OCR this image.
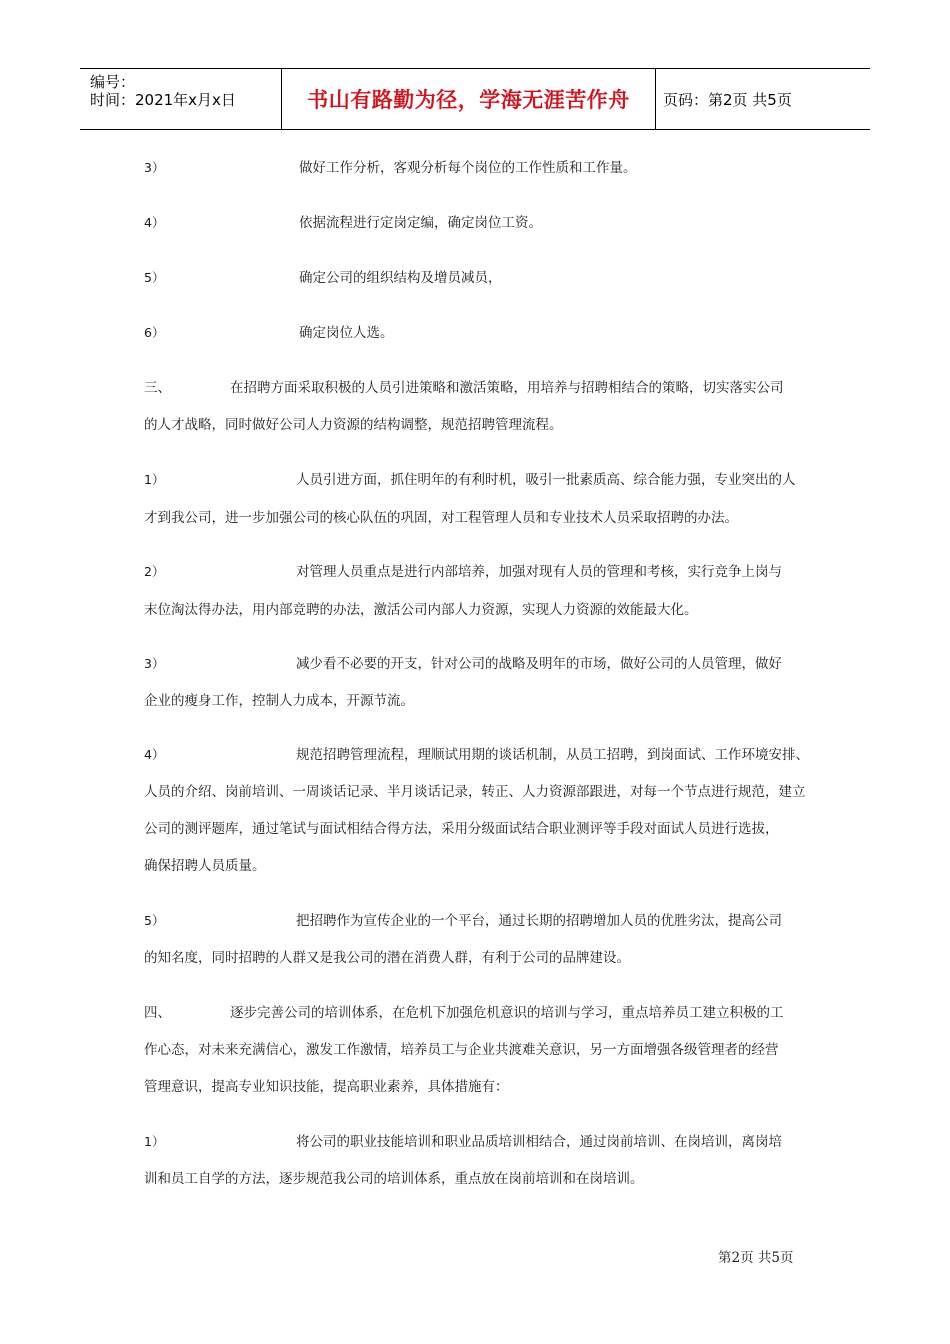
编号：
时间：2021年x月x日	书山有路勤为径，学海无涯苦作舟 页码：第2页 共5页
3）	做好工作分析，客观分析每个岗位的工作性质和工作量。
4）	依据流程进行定岗定编，确定岗位工资。
5）	确定公司的组织结构及增员减员，
6）	确定岗位人选。
三、	在招聘方面采取积极的人员引进策略和激活策略，用培养与招聘相结合的策略，切实落实公司
的人才战略，同时做好公司人力资源的结构调整，规范招聘管理流程。
1）	人员引进方面，抓住明年的有利时机，吸引一批素质高、综合能力强，专业突出的人
才到我公司，进一步加强公司的核心队伍的巩固，对工程管理人员和专业技术人员采取招聘的办法。
2）	对管理人员重点是进行内部培养，加强对现有人员的管理和考核，实行竞争上岗与
末位淘汰得办法，用内部竞聘的办法，激活公司内部人力资源，实现人力资源的效能最大化。
3）	减少看不必要的开支，针对公司的战略及明年的市场，做好公司的人员管理，做好
企业的瘦身工作，控制人力成本，开源节流。
4）	规范招聘管理流程，理顺试用期的谈话机制，从员工招聘，到岗面试、工作环境安排、
人员的介绍、岗前培训、一周谈话记录、半月谈话记录，转正、人力资源部跟进，对每一个节点进行规范，建立
公司的测评题库，通过笔试与面试相结合得方法，采用分级面试结合职业测评等手段对面试人员进行选拔，
确保招聘人员质量。
5）	把招聘作为宣传企业的一个平台，通过长期的招聘增加人员的优胜劣汰，提高公司
的知名度，同时招聘的人群又是我公司的潜在消费人群，有利于公司的品牌建设。
四、	逐步完善公司的培训体系，在危机下加强危机意识的培训与学习，重点培养员工建立积极的工
作心态，对未来充满信心，激发工作激情，培养员工与企业共渡难关意识，另一方面增强各级管理者的经营
管理意识，提高专业知识技能，提高职业素养，具体措施有：
1）	将公司的职业技能培训和职业品质培训相结合，通过岗前培训、在岗培训，离岗培
训和员工自学的方法，逐步规范我公司的培训体系，重点放在岗前培训和在岗培训。
第2页 共5页
